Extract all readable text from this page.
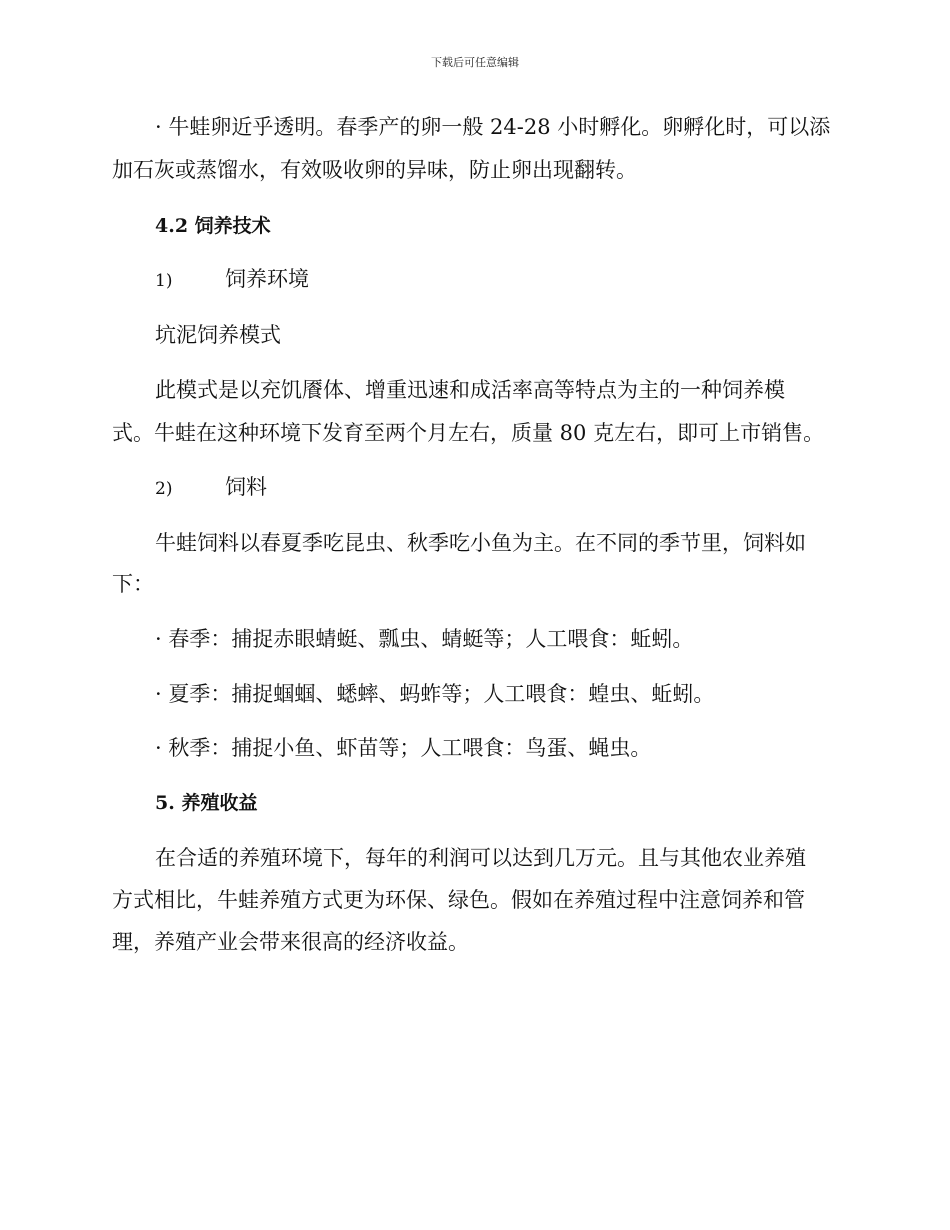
下载后可任意编辑
· 牛蛙卵近乎透明。春季产的卵一般 24-28 小时孵化。卵孵化时，可以添
加石灰或蒸馏水，有效吸收卵的异味，防止卵出现翻转。
4.2 饲养技术
1)	饲养环境
坑泥饲养模式
此模式是以充饥餍体、增重迅速和成活率高等特点为主的一种饲养模
式。牛蛙在这种环境下发育至两个月左右，质量 80 克左右，即可上市销售。
2)	饲料
牛蛙饲料以春夏季吃昆虫、秋季吃小鱼为主。在不同的季节里，饲料如
下：
· 春季：捕捉赤眼蜻蜓、瓢虫、蜻蜓等；人工喂食：蚯蚓。
· 夏季：捕捉蝈蝈、蟋蟀、蚂蚱等；人工喂食：蝗虫、蚯蚓。
· 秋季：捕捉小鱼、虾苗等；人工喂食：鸟蛋、蝇虫。
5. 养殖收益
在合适的养殖环境下，每年的利润可以达到几万元。且与其他农业养殖
方式相比，牛蛙养殖方式更为环保、绿色。假如在养殖过程中注意饲养和管
理，养殖产业会带来很高的经济收益。
